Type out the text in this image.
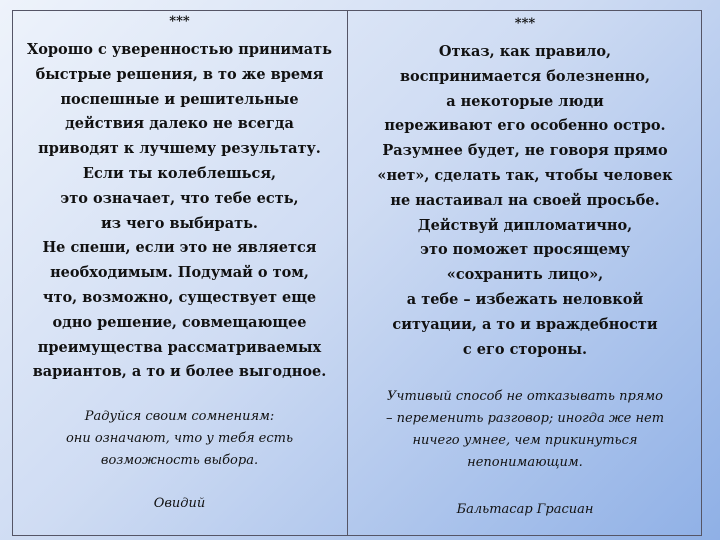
***
Хорошо с уверенностью принимать
быстрые решения, в то же время
поспешные и решительные
действия далеко не всегда
приводят к лучшему результату.
Если ты колеблешься,
это означает, что тебе есть,
из чего выбирать.
Не спеши, если это не является
необходимым. Подумай о том,
что, возможно, существует еще
одно решение, совмещающее
преимущества рассматриваемых
вариантов, а то и более выгодное.
Радуйся своим сомнениям:
они означают, что у тебя есть
возможность выбора.
Овидий
***
Отказ, как правило,
воспринимается болезненно,
а некоторые люди
переживают его особенно остро.
Разумнее будет, не говоря прямо
«нет», сделать так, чтобы человек
не настаивал на своей просьбе.
Действуй дипломатично,
это поможет просящему
«сохранить лицо»,
а тебе – избежать неловкой
ситуации, а то и враждебности
с его стороны.
Учтивый способ не отказывать прямо
– переменить разговор; иногда же нет
ничего умнее, чем прикинуться
непонимающим.
Бальтасар Грасиан
